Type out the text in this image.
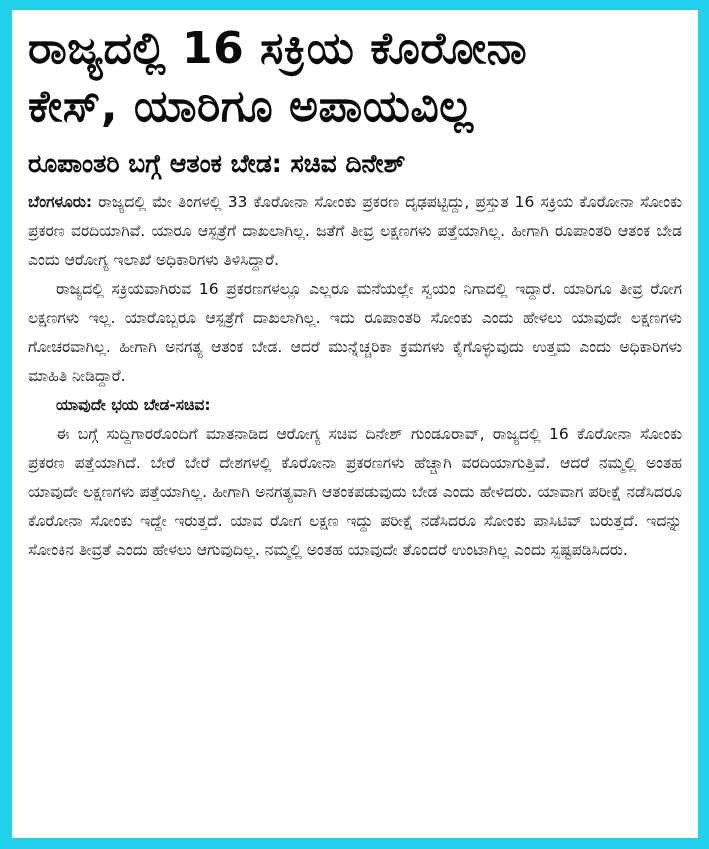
ರಾಜ್ಯದಲ್ಲಿ 16 ಸಕ್ರಿಯ ಕೊರೋನಾ
ಕೇಸ್‌, ಯಾರಿಗೂ ಅಪಾಯವಿಲ್ಲ
ರೂಪಾಂತರಿ ಬಗ್ಗೆ ಆತಂಕ ಬೇಡ: ಸಚಿವ ದಿನೇಶ್

ಬೆಂಗಳೂರು: ರಾಜ್ಯದಲ್ಲಿ ಮೇ ತಿಂಗಳಲ್ಲಿ 33 ಕೊರೋನಾ ಸೋಂಕು ಪ್ರಕರಣ ದೃಢಪಟ್ಟಿದ್ದು, ಪ್ರಸ್ತುತ 16 ಸಕ್ರಿಯ ಕೊರೋನಾ ಸೋಂಕು ಪ್ರಕರಣ ವರದಿಯಾಗಿವೆ. ಯಾರೂ ಆಸ್ಪತ್ರೆಗೆ ದಾಖಲಾಗಿಲ್ಲ. ಜತೆಗೆ ತೀವ್ರ ಲಕ್ಷಣಗಳು ಪತ್ತೆಯಾಗಿಲ್ಲ. ಹೀಗಾಗಿ ರೂಪಾಂತರಿ ಆತಂಕ ಬೇಡ ಎಂದು ಆರೋಗ್ಯ ಇಲಾಖೆ ಅಧಿಕಾರಿಗಳು ತಿಳಿಸಿದ್ದಾರೆ.

ರಾಜ್ಯದಲ್ಲಿ ಸಕ್ರಿಯವಾಗಿರುವ 16 ಪ್ರಕರಣಗಳಲ್ಲೂ ಎಲ್ಲರೂ ಮನೆಯಲ್ಲೇ ಸ್ವಯಂ ನಿಗಾದಲ್ಲಿ ಇದ್ದಾರೆ. ಯಾರಿಗೂ ತೀವ್ರ ರೋಗ ಲಕ್ಷಣಗಳು ಇಲ್ಲ. ಯಾರೊಬ್ಬರೂ ಆಸ್ಪತ್ರೆಗೆ ದಾಖಲಾಗಿಲ್ಲ. ಇದು ರೂಪಾಂತರಿ ಸೋಂಕು ಎಂದು ಹೇಳಲು ಯಾವುದೇ ಲಕ್ಷಣಗಳು ಗೋಚರವಾಗಿಲ್ಲ. ಹೀಗಾಗಿ ಅನಗತ್ಯ ಆತಂಕ ಬೇಡ. ಆದರೆ ಮುನ್ನೆಚ್ಚರಿಕಾ ಕ್ರಮಗಳು ಕೈಗೊಳ್ಳುವುದು ಉತ್ತಮ ಎಂದು ಅಧಿಕಾರಿಗಳು ಮಾಹಿತಿ ನೀಡಿದ್ದಾರೆ.

ಯಾವುದೇ ಭಯ ಬೇಡ-ಸಚಿವ:

ಈ ಬಗ್ಗೆ ಸುದ್ದಿಗಾರರೊಂದಿಗೆ ಮಾತನಾಡಿದ ಆರೋಗ್ಯ ಸಚಿವ ದಿನೇಶ್ ಗುಂಡೂರಾವ್, ರಾಜ್ಯದಲ್ಲಿ 16 ಕೊರೋನಾ ಸೋಂಕು ಪ್ರಕರಣ ಪತ್ತೆಯಾಗಿದೆ. ಬೇರೆ ಬೇರೆ ದೇಶಗಳಲ್ಲಿ ಕೊರೋನಾ ಪ್ರಕರಣಗಳು ಹೆಚ್ಚಾಗಿ ವರದಿಯಾಗುತ್ತಿವೆ. ಆದರೆ ನಮ್ಮಲ್ಲಿ ಅಂತಹ ಯಾವುದೇ ಲಕ್ಷಣಗಳು ಪತ್ತೆಯಾಗಿಲ್ಲ. ಹೀಗಾಗಿ ಅನಗತ್ಯವಾಗಿ ಆತಂಕಪಡುವುದು ಬೇಡ ಎಂದು ಹೇಳಿದರು. ಯಾವಾಗ ಪರೀಕ್ಷೆ ನಡೆಸಿದರೂ ಕೊರೋನಾ ಸೋಂಕು ಇದ್ದೇ ಇರುತ್ತದೆ. ಯಾವ ರೋಗ ಲಕ್ಷಣ ಇದ್ದು ಪರೀಕ್ಷೆ ನಡೆಸಿದರೂ ಸೋಂಕು ಪಾಸಿಟಿವ್ ಬರುತ್ತದೆ. ಇದನ್ನು ಸೋಂಕಿನ ತೀವ್ರತೆ ಎಂದು ಹೇಳಲು ಆಗುವುದಿಲ್ಲ. ನಮ್ಮಲ್ಲಿ ಅಂತಹ ಯಾವುದೇ ತೊಂದರೆ ಉಂಟಾಗಿಲ್ಲ ಎಂದು ಸ್ಪಷ್ಟಪಡಿಸಿದರು.
